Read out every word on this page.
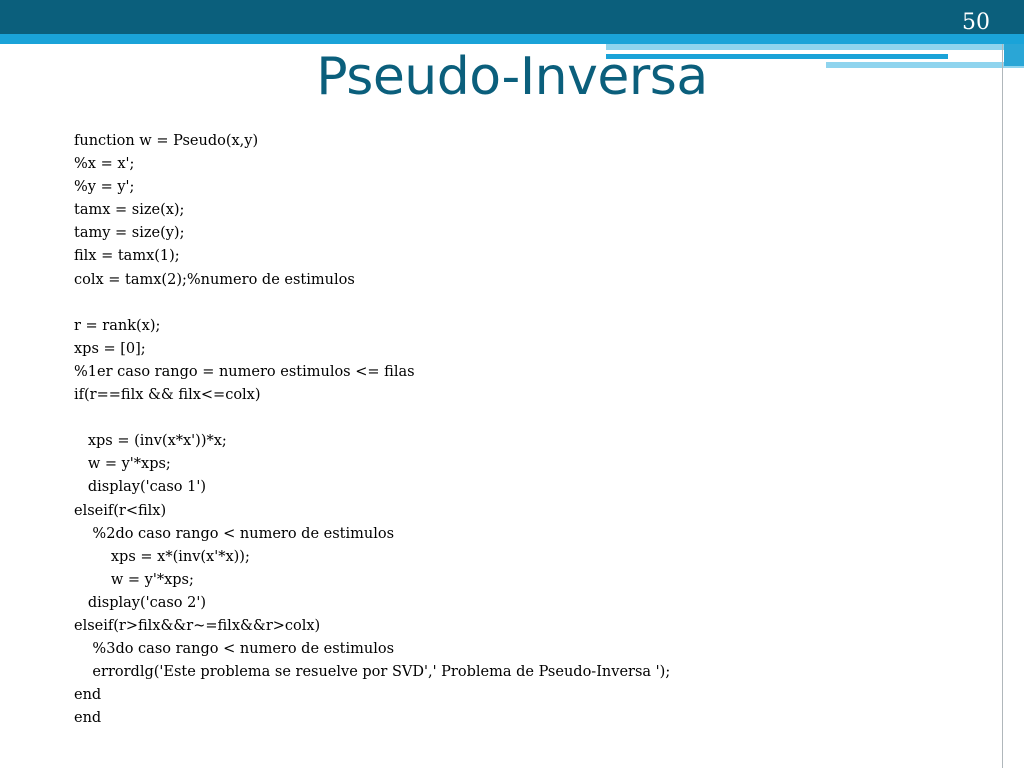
50
Pseudo-Inversa
function w = Pseudo(x,y)
%x = x';
%y = y';
tamx = size(x);
tamy = size(y);
filx = tamx(1);
colx = tamx(2);%numero de estimulos
r = rank(x);
xps = [0];
%1er caso rango = numero estimulos <= filas
if(r==filx && filx<=colx)
xps = (inv(x*x'))*x;
w = y'*xps;
display('caso 1')
elseif(r<filx)
%2do caso rango < numero de estimulos
xps = x*(inv(x'*x));
w = y'*xps;
display('caso 2')
elseif(r>filx&&r~=filx&&r>colx)
%3do caso rango < numero de estimulos
errordlg('Este problema se resuelve por SVD',' Problema de Pseudo-Inversa ');
end
end
